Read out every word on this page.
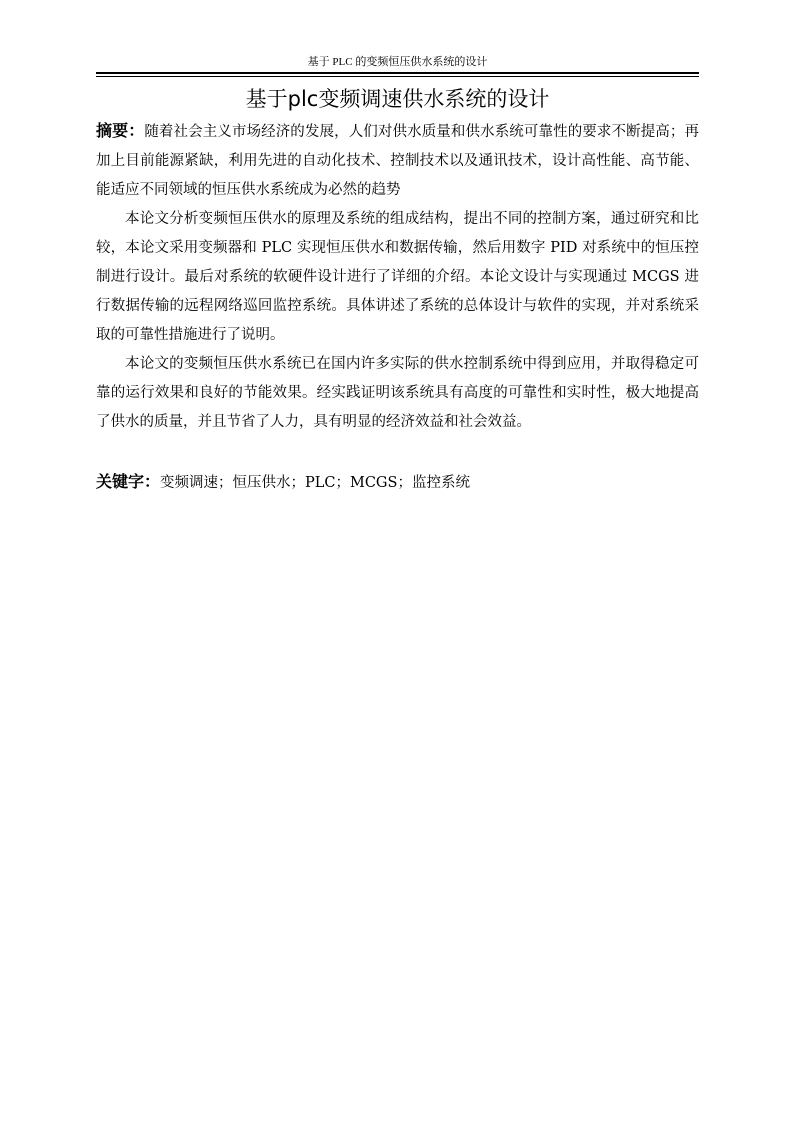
基于 PLC 的变频恒压供水系统的设计
基于plc变频调速供水系统的设计

摘要：随着社会主义市场经济的发展，人们对供水质量和供水系统可靠性的要求不断提高；再加上目前能源紧缺，利用先进的自动化技术、控制技术以及通讯技术，设计高性能、高节能、能适应不同领域的恒压供水系统成为必然的趋势

本论文分析变频恒压供水的原理及系统的组成结构，提出不同的控制方案，通过研究和比较，本论文采用变频器和 PLC 实现恒压供水和数据传输，然后用数字 PID 对系统中的恒压控制进行设计。最后对系统的软硬件设计进行了详细的介绍。本论文设计与实现通过 MCGS 进行数据传输的远程网络巡回监控系统。具体讲述了系统的总体设计与软件的实现，并对系统采取的可靠性措施进行了说明。

本论文的变频恒压供水系统已在国内许多实际的供水控制系统中得到应用，并取得稳定可靠的运行效果和良好的节能效果。经实践证明该系统具有高度的可靠性和实时性，极大地提高了供水的质量，并且节省了人力，具有明显的经济效益和社会效益。

关键字：变频调速；恒压供水；PLC；MCGS；监控系统
